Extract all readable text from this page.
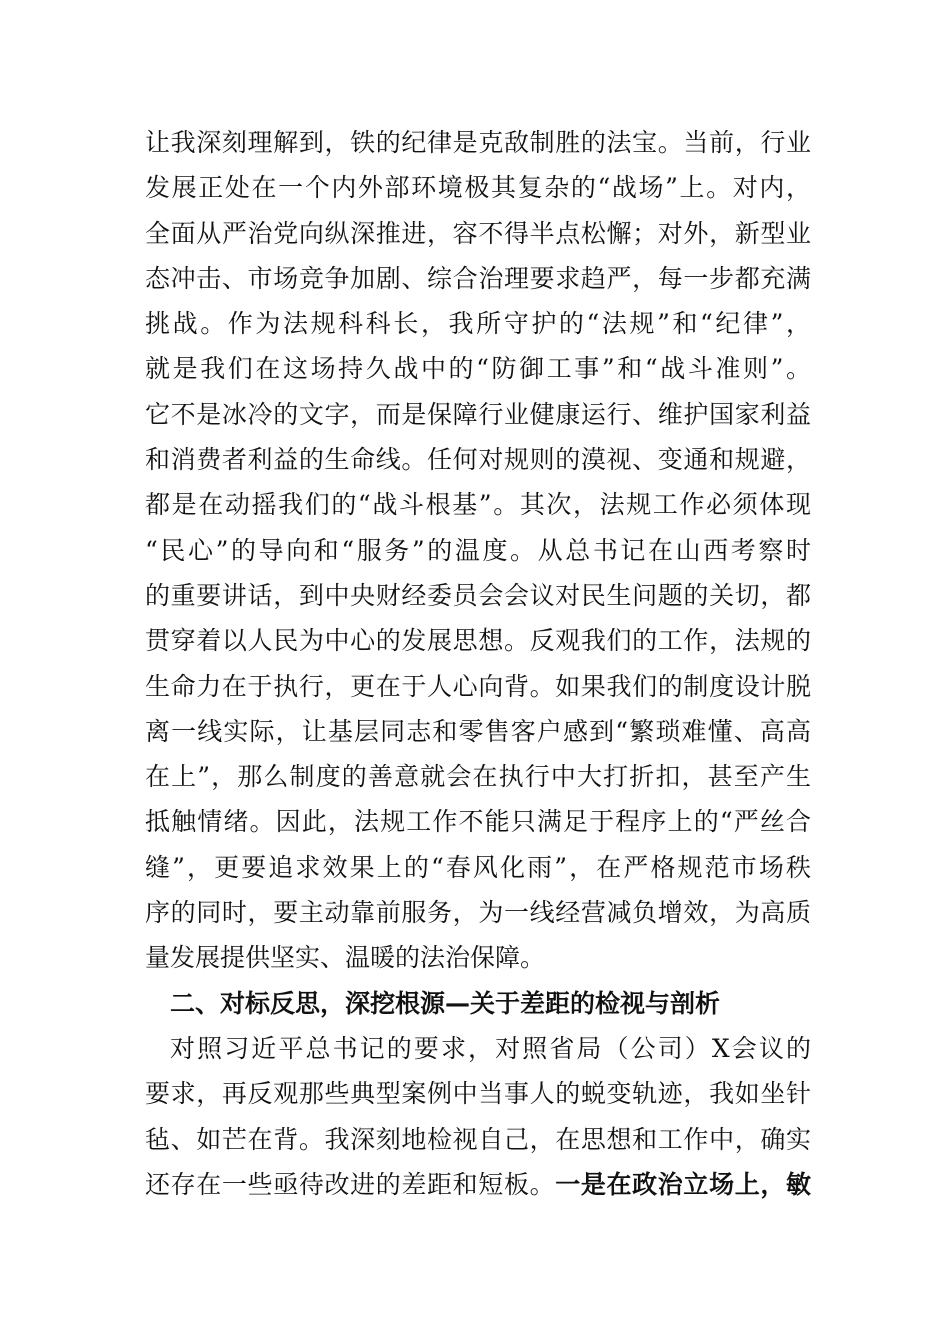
让我深刻理解到，铁的纪律是克敌制胜的法宝。当前，行业
发展正处在一个内外部环境极其复杂的“战场”上。对内，
全面从严治党向纵深推进，容不得半点松懈；对外，新型业
态冲击、市场竞争加剧、综合治理要求趋严，每一步都充满
挑战。作为法规科科长，我所守护的“法规”和“纪律”，
就是我们在这场持久战中的“防御工事”和“战斗准则”。
它不是冰冷的文字，而是保障行业健康运行、维护国家利益
和消费者利益的生命线。任何对规则的漠视、变通和规避，
都是在动摇我们的“战斗根基”。其次，法规工作必须体现
“民心”的导向和“服务”的温度。从总书记在山西考察时
的重要讲话，到中央财经委员会会议对民生问题的关切，都
贯穿着以人民为中心的发展思想。反观我们的工作，法规的
生命力在于执行，更在于人心向背。如果我们的制度设计脱
离一线实际，让基层同志和零售客户感到“繁琐难懂、高高
在上”，那么制度的善意就会在执行中大打折扣，甚至产生
抵触情绪。因此，法规工作不能只满足于程序上的“严丝合
缝”，更要追求效果上的“春风化雨”，在严格规范市场秩
序的同时，要主动靠前服务，为一线经营减负增效，为高质
量发展提供坚实、温暖的法治保障。
二、对标反思，深挖根源—关于差距的检视与剖析
对照习近平总书记的要求，对照省局（公司）X会议的
要求，再反观那些典型案例中当事人的蜕变轨迹，我如坐针
毡、如芒在背。我深刻地检视自己，在思想和工作中，确实
还存在一些亟待改进的差距和短板。一是在政治立场上，敏
